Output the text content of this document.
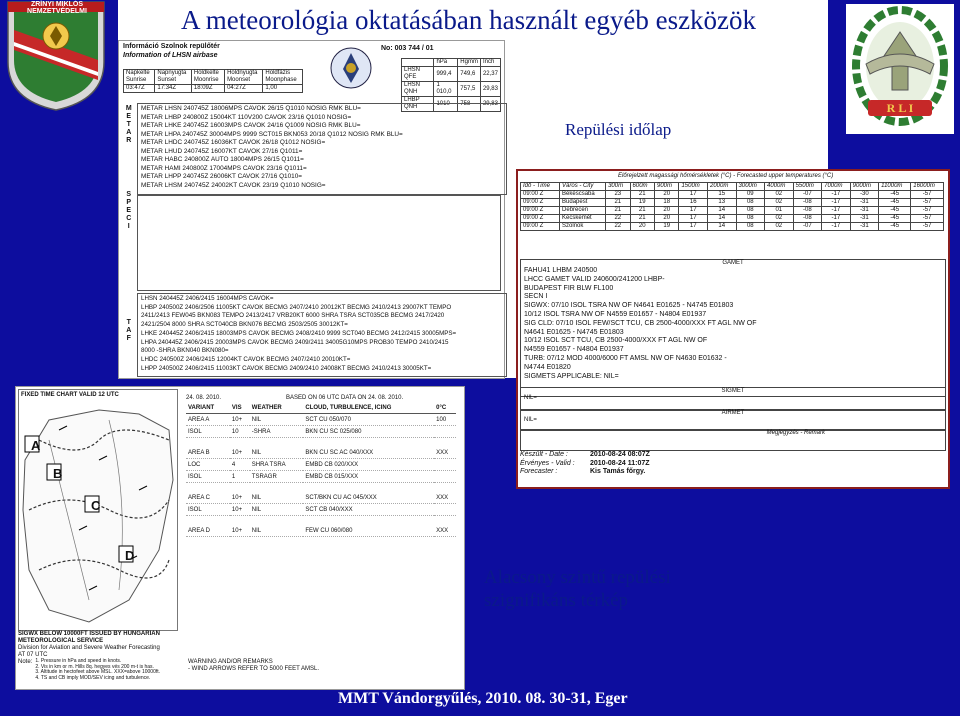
ZRÍNYI MIKLÓS NEMZETVÉDELMI
R L I
A meteorológia oktatásában használt egyéb eszközök
Információ Szolnok repülőtér
Information of LHSN airbase
No: 003 744 / 01
Napkelte Sunrise	Napnyugta Sunset	Holdkelte Moonrise	Holdnyugta Moonset	Holdfázis Moonphase
03:47Z	17:34Z	18:09Z	04:27Z	1,00
	hPa	Hgmm	Inch
LHSN QFE	999,4	749,6	22,37
LHSN QNH	1 010,0	757,5	29,83
LHBP QNH	1010	758	29,83
METAR
SPECI
TAF
METAR LHSN 240745Z 18006MPS CAVOK 26/15 Q1010 NOSIG RMK BLU=
METAR LHBP 240800Z 15004KT 110V200 CAVOK 23/16 Q1010 NOSIG=
METAR LHKE 240745Z 16003MPS CAVOK 24/16 Q1009 NOSIG RMK BLU=
METAR LHPA 240745Z 30004MPS 9999 SCT015 BKN053 20/18 Q1012 NOSIG RMK BLU=
METAR LHDC 240745Z 16036KT CAVOK 26/18 Q1012 NOSIG=
METAR LHUD 240745Z 16007KT CAVOK 27/16 Q1011=
METAR HABC 240800Z AUTO 18004MPS 26/15 Q1011=
METAR HAMI 240800Z 17004MPS CAVOK 23/16 Q1011=
METAR LHPP 240745Z 26006KT CAVOK 27/16 Q1010=
METAR LHSM 240745Z 24002KT CAVOK 23/19 Q1010 NOSIG=
LHSN 240445Z 2406/2415 16004MPS CAVOK=
LHBP 240500Z 2406/2506 11005KT CAVOK BECMG 2407/2410 20012KT BECMG 2410/2413 29007KT TEMPO
2411/2413 FEW045 BKN083 TEMPO 2413/2417 VRB20KT 6000 SHRA TSRA SCT035CB BECMG 2417/2420
2421/2504 8000 SHRA SCT040CB BKN076 BECMG 2503/2505 30012KT=
LHKE 240445Z 2406/2415 18003MPS CAVOK BECMG 2408/2410 9999 SCT040 BECMG 2412/2415 30005MPS=
LHPA 240445Z 2406/2415 20003MPS CAVOK BECMG 2409/2411 34005G10MPS PROB30 TEMPO 2410/2415
8000 -SHRA BKN040 BKN080=
LHDC 240500Z 2406/2415 12004KT CAVOK BECMG 2407/2410 20010KT=
LHPP 240500Z 2406/2415 11003KT CAVOK BECMG 2409/2410 24008KT BECMG 2410/2413 30005KT=
Repülési időlap
Előrejelzett magassági hőmérsékletek (°C) - Forecasted upper temperatures (°C)
Idő - Time	Város - City	300m	600m	900m	1500m	2000m	3000m	4000m	5500m	7000m	9000m	11000m	16000m
09:00 Z	Békéscsaba	23	21	20	17	15	09	02	-07	-17	-30	-45	-57
09:00 Z	Budapest	21	19	18	16	13	08	02	-08	-17	-31	-45	-57
09:00 Z	Debrecen	21	21	20	17	14	08	01	-08	-17	-31	-45	-57
09:00 Z	Kecskemét	22	21	20	17	14	08	02	-08	-17	-31	-45	-57
09:00 Z	Szolnok	22	20	19	17	14	08	02	-07	-17	-31	-45	-57
GAMET
FAHU41 LHBM 240500
LHCC GAMET VALID 240600/241200 LHBP-
BUDAPEST FIR BLW FL100
SECN I
SIGWX: 07/10 ISOL TSRA NW OF N4641 E01625 - N4745 E01803
10/12 ISOL TSRA NW OF N4559 E01657 - N4804 E01937
SIG CLD: 07/10 ISOL FEW/SCT TCU, CB 2500-4000/XXX FT AGL NW OF
N4641 E01625 - N4745 E01803
10/12 ISOL SCT TCU, CB 2500-4000/XXX FT AGL NW OF
N4559 E01657 - N4804 E01937
TURB: 07/12 MOD 4000/6000 FT AMSL NW OF N4630 E01632 -
N4744 E01820
SIGMETS APPLICABLE: NIL=
SIGMET
NIL=
AIRMET
NIL=
Megjegyzés - Remark
Készült - Date :	2010-08-24 08:07Z
Érvényes - Valid :	2010-08-24 11:07Z
Forecaster :	Kis Tamás főrgy.
FIXED TIME CHART VALID 12 UTC
A
B
C
D
SIGWX BELOW 10000FT ISSUED BY HUNGARIAN METEOROLOGICAL SERVICE
Division for Aviation and Severe Weather Forecasting
AT 07 UTC
Note: 1. Pressure in hPa and speed in knots.
2. Vis in km or m. Hills 8q. hegyes vés 200 m-t is has.
3. Altitude in hectofeet above MSL. XXX=above 10000ft.
4. TS and CB imply MOD/SEV icing and turbulence.
24. 08. 2010.	BASED ON 06 UTC DATA ON 24. 08. 2010.
VARIANT	VIS	WEATHER	CLOUD, TURBULENCE, ICING	0°C
AREA A	10+	NIL	SCT CU 050/070	100
ISOL	10	-SHRA	BKN CU SC 025/080	
AREA B	10+	NIL	BKN CU SC AC 040/XXX	XXX
LOC	4	SHRA TSRA	EMBD CB 020/XXX	
ISOL	1	TSRAGR	EMBD CB 015/XXX	
AREA C	10+	NIL	SCT/BKN CU AC 045/XXX	XXX
ISOL	10+	NIL	SCT CB 040/XXX	
AREA D	10+	NIL	FEW CU 060/080	XXX
WARNING AND/OR REMARKS
- WIND ARROWS REFER TO 5000 FEET AMSL.
Alacsony szintű repülési
szignifikáns térkép
MMT Vándorgyűlés, 2010. 08. 30-31, Eger
